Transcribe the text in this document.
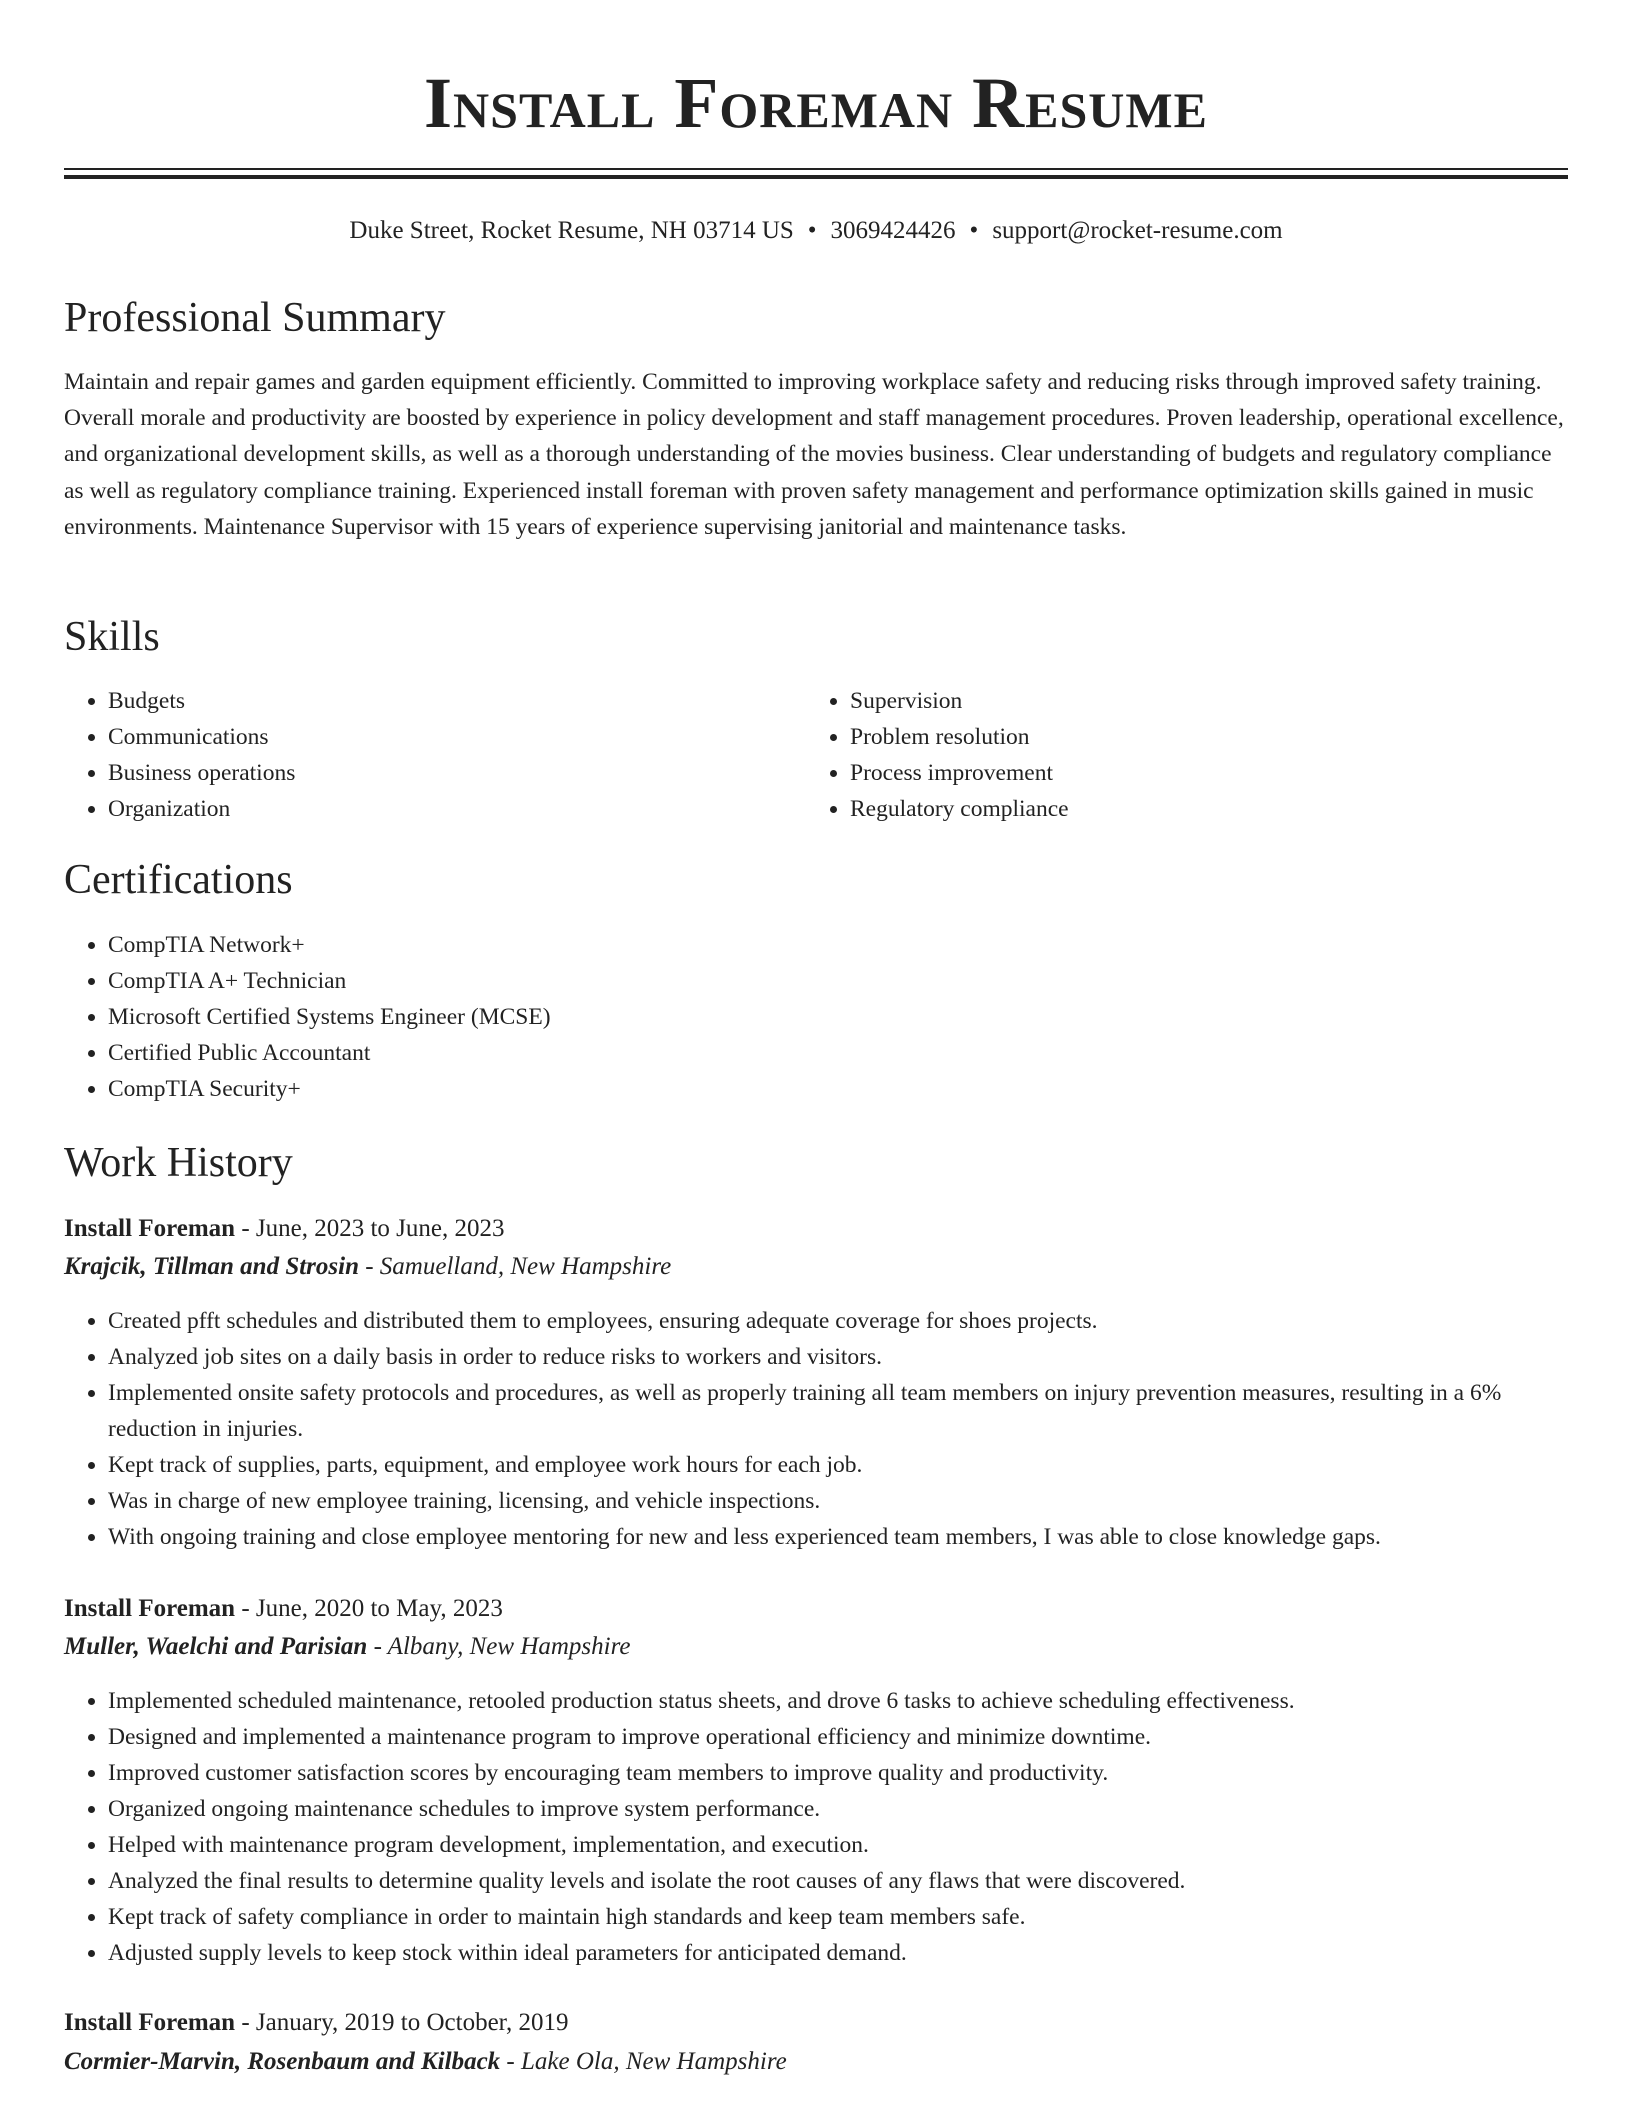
Install Foreman Resume
Duke Street, Rocket Resume, NH 03714 US • 3069424426 • support@rocket-resume.com
Professional Summary

Maintain and repair games and garden equipment efficiently. Committed to improving workplace safety and reducing risks through improved safety training. Overall morale and productivity are boosted by experience in policy development and staff management procedures. Proven leadership, operational excellence, and organizational development skills, as well as a thorough understanding of the movies business. Clear understanding of budgets and regulatory compliance as well as regulatory compliance training. Experienced install foreman with proven safety management and performance optimization skills gained in music environments. Maintenance Supervisor with 15 years of experience supervising janitorial and maintenance tasks.

Skills
• Budgets
• Communications
• Business operations
• Organization
• Supervision
• Problem resolution
• Process improvement
• Regulatory compliance
Certifications
• CompTIA Network+
• CompTIA A+ Technician
• Microsoft Certified Systems Engineer (MCSE)
• Certified Public Accountant
• CompTIA Security+
Work History
Install Foreman - June, 2023 to June, 2023
Krajcik, Tillman and Strosin - Samuelland, New Hampshire
• Created pfft schedules and distributed them to employees, ensuring adequate coverage for shoes projects.
• Analyzed job sites on a daily basis in order to reduce risks to workers and visitors.
• Implemented onsite safety protocols and procedures, as well as properly training all team members on injury prevention measures, resulting in a 6% reduction in injuries.
• Kept track of supplies, parts, equipment, and employee work hours for each job.
• Was in charge of new employee training, licensing, and vehicle inspections.
• With ongoing training and close employee mentoring for new and less experienced team members, I was able to close knowledge gaps.
Install Foreman - June, 2020 to May, 2023
Muller, Waelchi and Parisian - Albany, New Hampshire
• Implemented scheduled maintenance, retooled production status sheets, and drove 6 tasks to achieve scheduling effectiveness.
• Designed and implemented a maintenance program to improve operational efficiency and minimize downtime.
• Improved customer satisfaction scores by encouraging team members to improve quality and productivity.
• Organized ongoing maintenance schedules to improve system performance.
• Helped with maintenance program development, implementation, and execution.
• Analyzed the final results to determine quality levels and isolate the root causes of any flaws that were discovered.
• Kept track of safety compliance in order to maintain high standards and keep team members safe.
• Adjusted supply levels to keep stock within ideal parameters for anticipated demand.
Install Foreman - January, 2019 to October, 2019
Cormier-Marvin, Rosenbaum and Kilback - Lake Ola, New Hampshire
